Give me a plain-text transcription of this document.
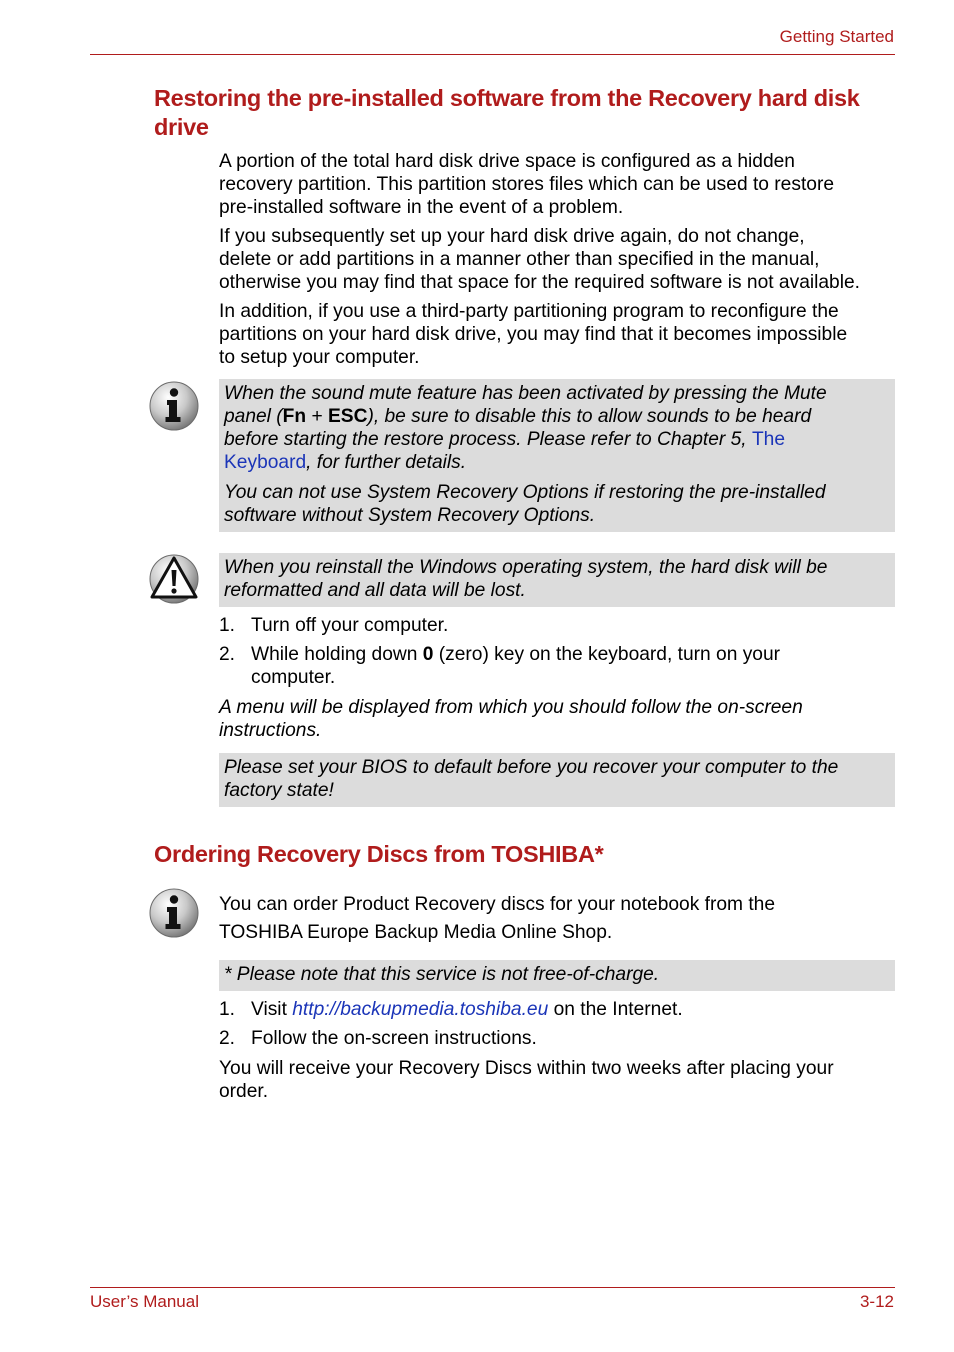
Getting Started
Restoring the pre-installed software from the Recovery hard disk
drive
A portion of the total hard disk drive space is configured as a hidden
recovery partition. This partition stores files which can be used to restore
pre-installed software in the event of a problem.
If you subsequently set up your hard disk drive again, do not change,
delete or add partitions in a manner other than specified in the manual,
otherwise you may find that space for the required software is not available.
In addition, if you use a third-party partitioning program to reconfigure the
partitions on your hard disk drive, you may find that it becomes impossible
to setup your computer.

When the sound mute feature has been activated by pressing the Mute
panel (Fn + ESC), be sure to disable this to allow sounds to be heard
before starting the restore process. Please refer to Chapter 5, The
Keyboard, for further details.

You can not use System Recovery Options if restoring the pre-installed
software without System Recovery Options.

When you reinstall the Windows operating system, the hard disk will be
reformatted and all data will be lost.

1. Turn off your computer.
2. While holding down 0 (zero) key on the keyboard, turn on your
computer.
A menu will be displayed from which you should follow the on-screen
instructions.

Please set your BIOS to default before you recover your computer to the
factory state!

Ordering Recovery Discs from TOSHIBA*
You can order Product Recovery discs for your notebook from the
TOSHIBA Europe Backup Media Online Shop.

* Please note that this service is not free-of-charge.

1. Visit http://backupmedia.toshiba.eu on the Internet.
2. Follow the on-screen instructions.
You will receive your Recovery Discs within two weeks after placing your
order.
User’s Manual	3-12
